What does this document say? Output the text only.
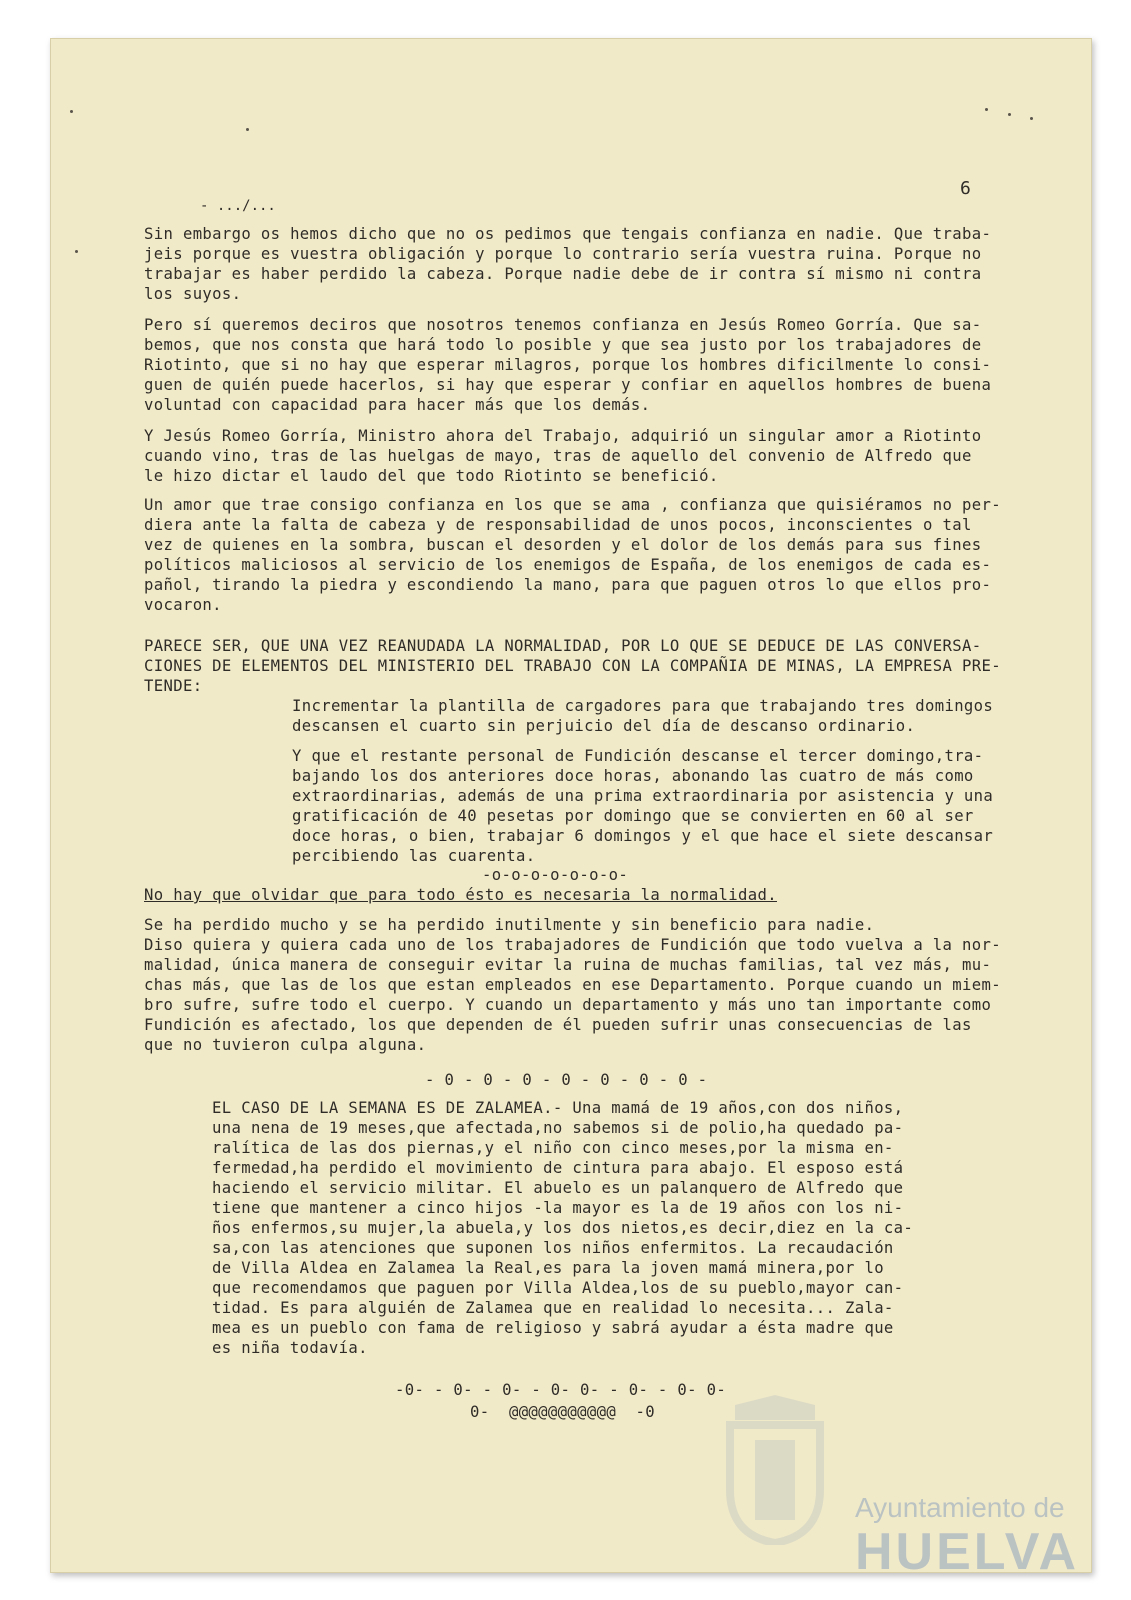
6
- .../...
Sin embargo os hemos dicho que no os pedimos que tengais confianza en nadie. Que traba-
jeis porque es vuestra obligación y porque lo contrario sería vuestra ruina. Porque no
trabajar es haber perdido la cabeza. Porque nadie debe de ir contra sí mismo ni contra
los suyos.
Pero sí queremos deciros que nosotros tenemos confianza en Jesús Romeo Gorría. Que sa-
bemos, que nos consta que hará todo lo posible y que sea justo por los trabajadores de
Riotinto, que si no hay que esperar milagros, porque los hombres dificilmente lo consi-
guen de quién puede hacerlos, si hay que esperar y confiar en aquellos hombres de buena
voluntad con capacidad para hacer más que los demás.
Y Jesús Romeo Gorría, Ministro ahora del Trabajo, adquirió un singular amor a Riotinto
cuando vino, tras de las huelgas de mayo, tras de aquello del convenio de Alfredo que
le hizo dictar el laudo del que todo Riotinto se benefició.
Un amor que trae consigo confianza en los que se ama , confianza que quisiéramos no per-
diera ante la falta de cabeza y de responsabilidad de unos pocos, inconscientes o tal
vez de quienes en la sombra, buscan el desorden y el dolor de los demás para sus fines
políticos maliciosos al servicio de los enemigos de España, de los enemigos de cada es-
pañol, tirando la piedra y escondiendo la mano, para que paguen otros lo que ellos pro-
vocaron.
PARECE SER, QUE UNA VEZ REANUDADA LA NORMALIDAD, POR LO QUE SE DEDUCE DE LAS CONVERSA-
CIONES DE ELEMENTOS DEL MINISTERIO DEL TRABAJO CON LA COMPAÑIA DE MINAS, LA EMPRESA PRE-
TENDE:
Incrementar la plantilla de cargadores para que trabajando tres domingos
descansen el cuarto sin perjuicio del día de descanso ordinario.
Y que el restante personal de Fundición descanse el tercer domingo,tra-
bajando los dos anteriores doce horas, abonando las cuatro de más como
extraordinarias, además de una prima extraordinaria por asistencia y una
gratificación de 40 pesetas por domingo que se convierten en 60 al ser
doce horas, o bien, trabajar 6 domingos y el que hace el siete descansar
percibiendo las cuarenta.
-o-o-o-o-o-o-o-
No hay que olvidar que para todo ésto es necesaria la normalidad.
Se ha perdido mucho y se ha perdido inutilmente y sin beneficio para nadie.
Diso quiera y quiera cada uno de los trabajadores de Fundición que todo vuelva a la nor-
malidad, única manera de conseguir evitar la ruina de muchas familias, tal vez más, mu-
chas más, que las de los que estan empleados en ese Departamento. Porque cuando un miem-
bro sufre, sufre todo el cuerpo. Y cuando un departamento y más uno tan importante como
Fundición es afectado, los que dependen de él pueden sufrir unas consecuencias de las
que no tuvieron culpa alguna.
- 0 - 0 - 0 - 0 - 0 - 0 - 0 -
EL CASO DE LA SEMANA ES DE ZALAMEA.- Una mamá de 19 años,con dos niños,
una nena de 19 meses,que afectada,no sabemos si de polio,ha quedado pa-
ralítica de las dos piernas,y el niño con cinco meses,por la misma en-
fermedad,ha perdido el movimiento de cintura para abajo. El esposo está
haciendo el servicio militar. El abuelo es un palanquero de Alfredo que
tiene que mantener a cinco hijos -la mayor es la de 19 años con los ni-
ños enfermos,su mujer,la abuela,y los dos nietos,es decir,diez en la ca-
sa,con las atenciones que suponen los niños enfermitos. La recaudación
de Villa Aldea en Zalamea la Real,es para la joven mamá minera,por lo
que recomendamos que paguen por Villa Aldea,los de su pueblo,mayor can-
tidad. Es para alguién de Zalamea que en realidad lo necesita... Zala-
mea es un pueblo con fama de religioso y sabrá ayudar a ésta madre que
es niña todavía.
-0- - 0- - 0- - 0- 0- - 0- - 0- 0-
0-  @@@@@@@@@@@  -0
Ayuntamiento de
HUELVA
